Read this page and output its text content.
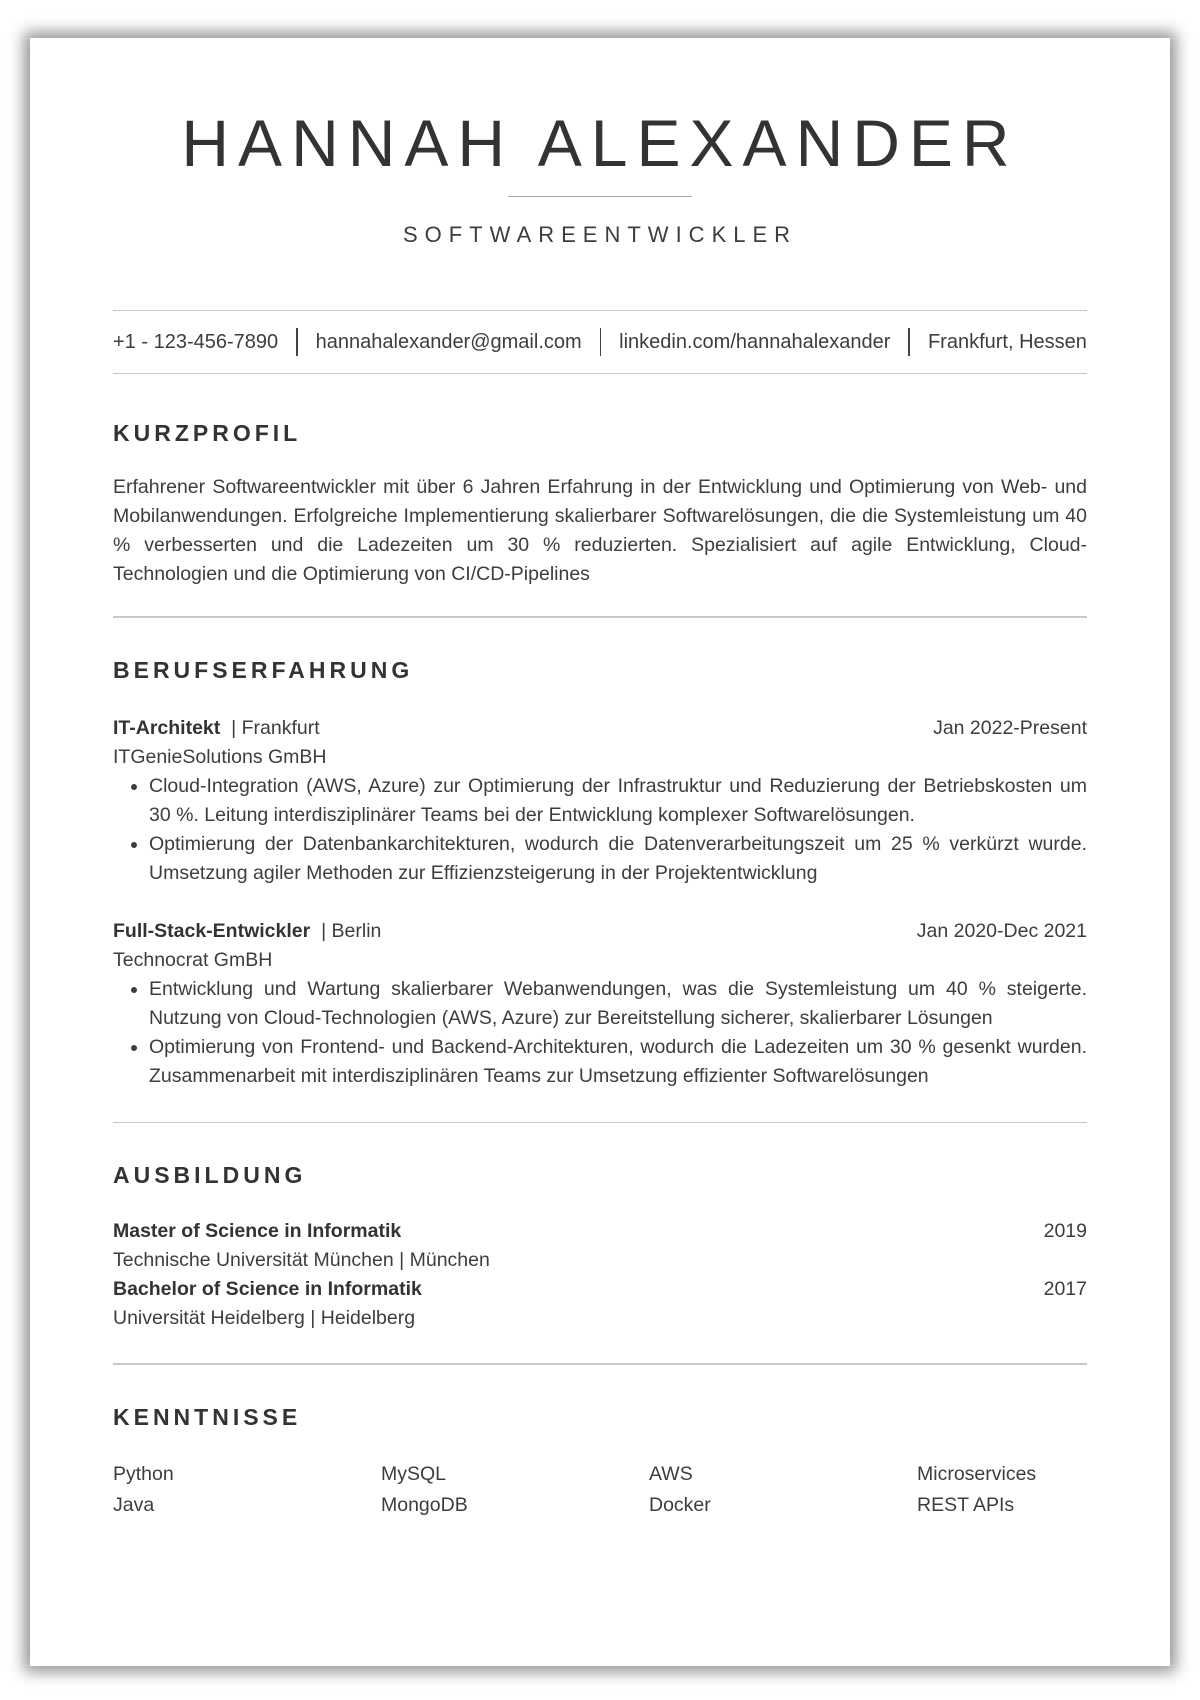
HANNAH ALEXANDER
SOFTWAREENTWICKLER
+1 - 123-456-7890 hannahalexander@gmail.com linkedin.com/hannahalexander Frankfurt, Hessen
KURZPROFIL
Erfahrener Softwareentwickler mit über 6 Jahren Erfahrung in der Entwicklung und Optimierung von Web- und Mobilanwendungen. Erfolgreiche Implementierung skalierbarer Softwarelösungen, die die Systemleistung um 40 % verbesserten und die Ladezeiten um 30 % reduzierten. Spezialisiert auf agile Entwicklung, Cloud-Technologien und die Optimierung von CI/CD-Pipelines
BERUFSERFAHRUNG
IT-Architekt | Frankfurt	Jan 2022-Present
ITGenieSolutions GmBH
• Cloud-Integration (AWS, Azure) zur Optimierung der Infrastruktur und Reduzierung der Betriebskosten um 30 %. Leitung interdisziplinärer Teams bei der Entwicklung komplexer Softwarelösungen.
• Optimierung der Datenbankarchitekturen, wodurch die Datenverarbeitungszeit um 25 % verkürzt wurde. Umsetzung agiler Methoden zur Effizienzsteigerung in der Projektentwicklung
Full-Stack-Entwickler | Berlin	Jan 2020-Dec 2021
Technocrat GmBH
• Entwicklung und Wartung skalierbarer Webanwendungen, was die Systemleistung um 40 % steigerte. Nutzung von Cloud-Technologien (AWS, Azure) zur Bereitstellung sicherer, skalierbarer Lösungen
• Optimierung von Frontend- und Backend-Architekturen, wodurch die Ladezeiten um 30 % gesenkt wurden. Zusammenarbeit mit interdisziplinären Teams zur Umsetzung effizienter Softwarelösungen
AUSBILDUNG
Master of Science in Informatik	2019
Technische Universität München | München
Bachelor of Science in Informatik	2017
Universität Heidelberg | Heidelberg
KENNTNISSE
Python	MySQL	AWS	Microservices
Java	MongoDB	Docker	REST APIs
